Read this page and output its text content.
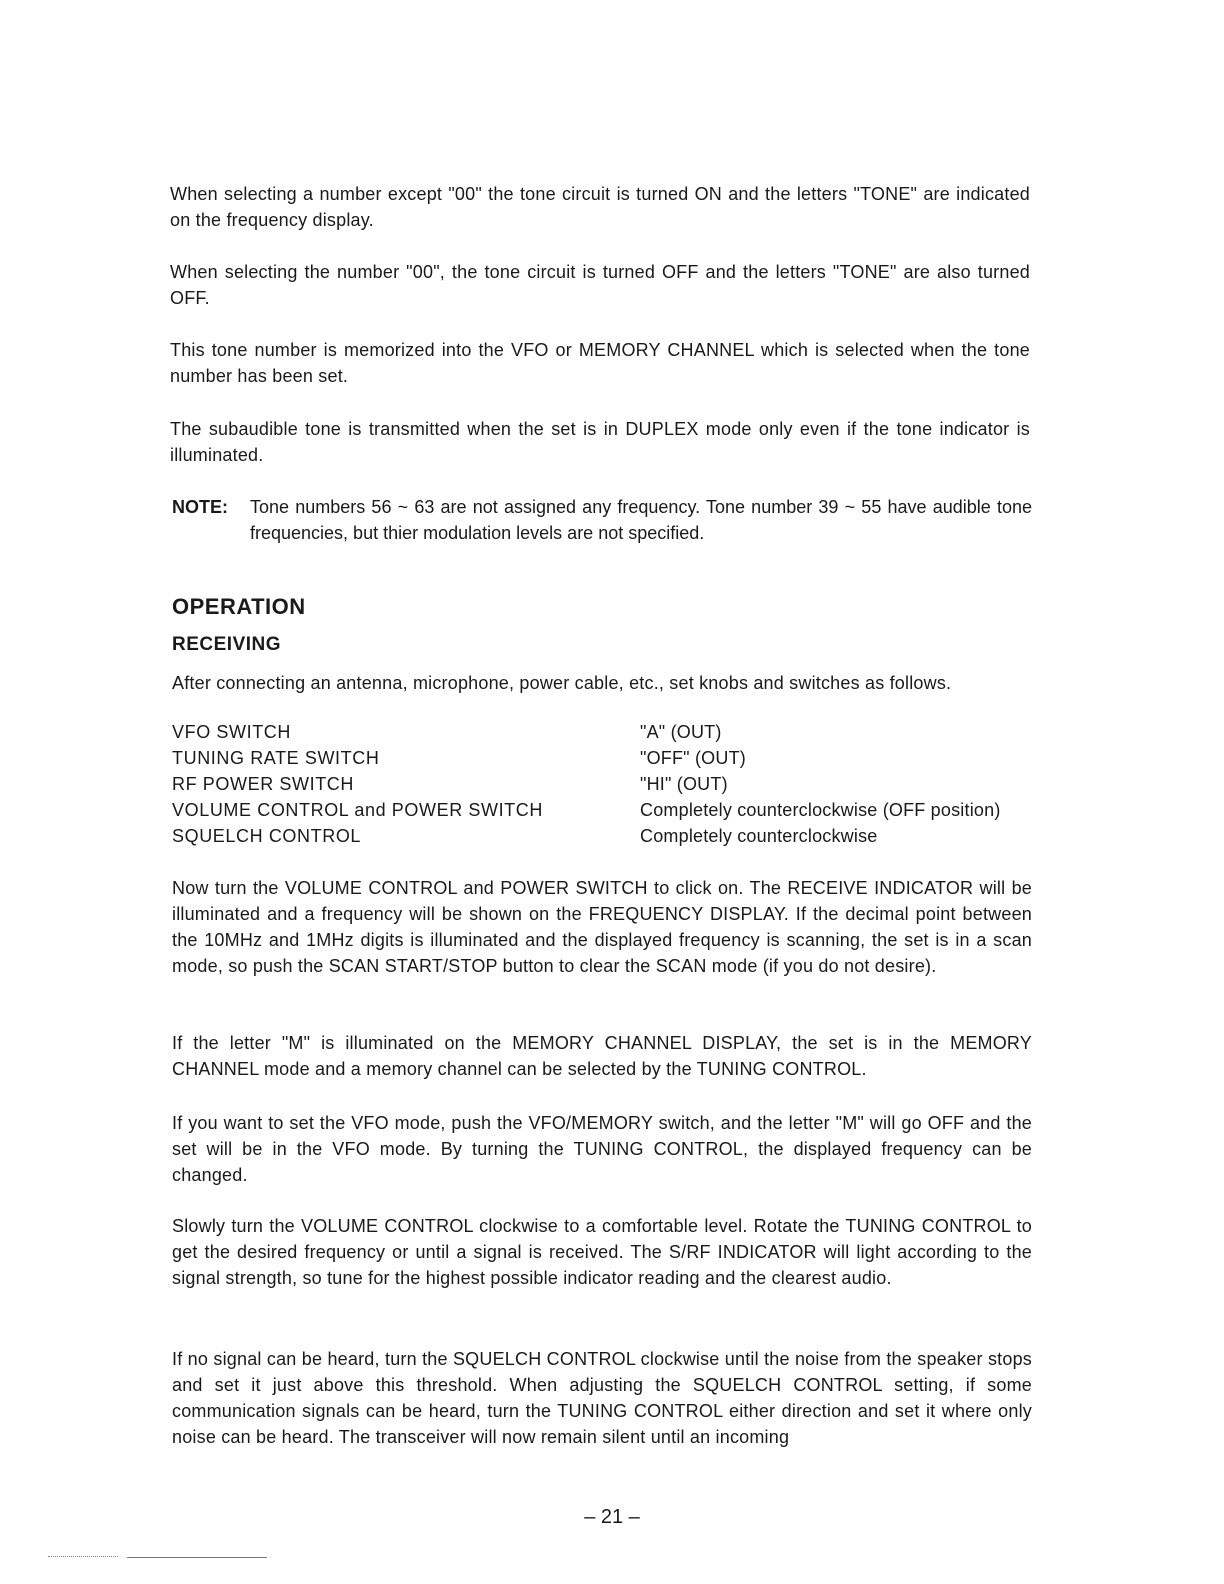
When selecting a number except "00" the tone circuit is turned ON and the letters "TONE" are indicated on the frequency display.

When selecting the number "00", the tone circuit is turned OFF and the letters "TONE" are also turned OFF.

This tone number is memorized into the VFO or MEMORY CHANNEL which is selected when the tone number has been set.

The subaudible tone is transmitted when the set is in DUPLEX mode only even if the tone indicator is illuminated.

NOTE: Tone numbers 56 ~ 63 are not assigned any frequency. Tone number 39 ~ 55 have audible tone frequencies, but thier modulation levels are not specified.
OPERATION
RECEIVING

After connecting an antenna, microphone, power cable, etc., set knobs and switches as follows.

VFO SWITCH	"A" (OUT)
TUNING RATE SWITCH	"OFF" (OUT)
RF POWER SWITCH	"HI" (OUT)
VOLUME CONTROL and POWER SWITCH	Completely counterclockwise (OFF position)
SQUELCH CONTROL	Completely counterclockwise

Now turn the VOLUME CONTROL and POWER SWITCH to click on. The RECEIVE INDICATOR will be illuminated and a frequency will be shown on the FREQUENCY DISPLAY. If the decimal point between the 10MHz and 1MHz digits is illuminated and the displayed frequency is scanning, the set is in a scan mode, so push the SCAN START/STOP button to clear the SCAN mode (if you do not desire).

If the letter "M" is illuminated on the MEMORY CHANNEL DISPLAY, the set is in the MEMORY CHANNEL mode and a memory channel can be selected by the TUNING CONTROL.

If you want to set the VFO mode, push the VFO/MEMORY switch, and the letter "M" will go OFF and the set will be in the VFO mode. By turning the TUNING CONTROL, the displayed frequency can be changed.

Slowly turn the VOLUME CONTROL clockwise to a comfortable level. Rotate the TUNING CONTROL to get the desired frequency or until a signal is received. The S/RF INDICATOR will light according to the signal strength, so tune for the highest possible indicator reading and the clearest audio.

If no signal can be heard, turn the SQUELCH CONTROL clockwise until the noise from the speaker stops and set it just above this threshold. When adjusting the SQUELCH CONTROL setting, if some communication signals can be heard, turn the TUNING CONTROL either direction and set it where only noise can be heard. The transceiver will now remain silent until an incoming

– 21 –
